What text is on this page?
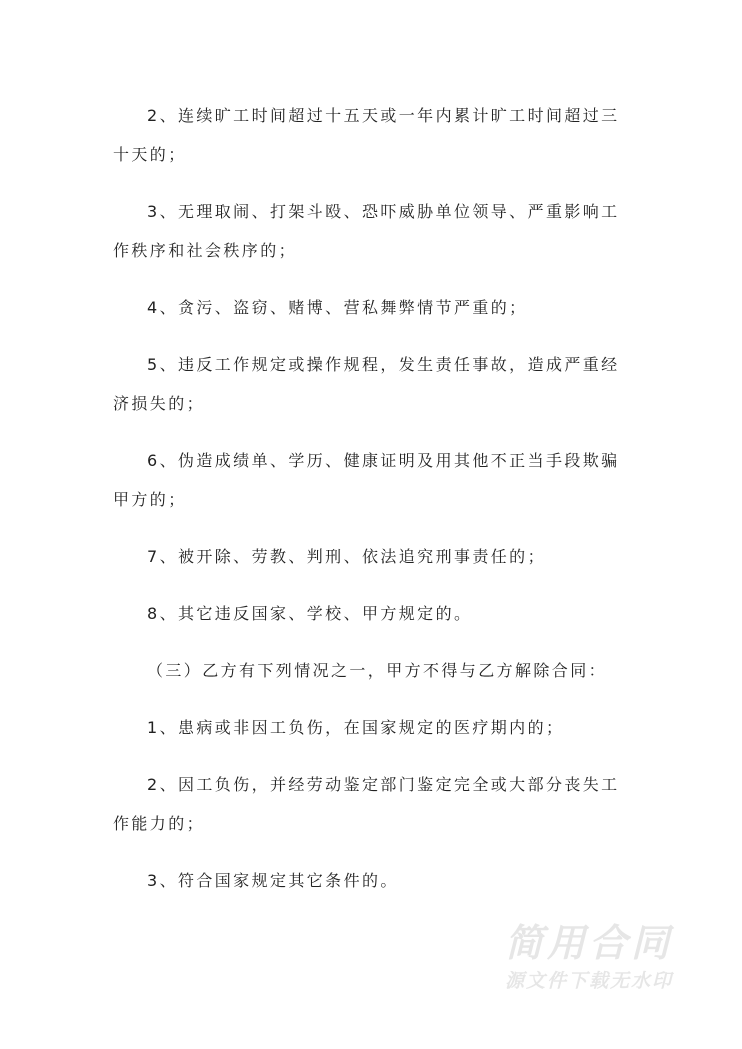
2、连续旷工时间超过十五天或一年内累计旷工时间超过三十天的；

3、无理取闹、打架斗殴、恐吓威胁单位领导、严重影响工作秩序和社会秩序的；

4、贪污、盗窃、赌博、营私舞弊情节严重的；

5、违反工作规定或操作规程，发生责任事故，造成严重经济损失的；

6、伪造成绩单、学历、健康证明及用其他不正当手段欺骗甲方的；

7、被开除、劳教、判刑、依法追究刑事责任的；

8、其它违反国家、学校、甲方规定的。

（三）乙方有下列情况之一，甲方不得与乙方解除合同：

1、患病或非因工负伤，在国家规定的医疗期内的；

2、因工负伤，并经劳动鉴定部门鉴定完全或大部分丧失工作能力的；

3、符合国家规定其它条件的。

简用合同
源文件下载无水印
